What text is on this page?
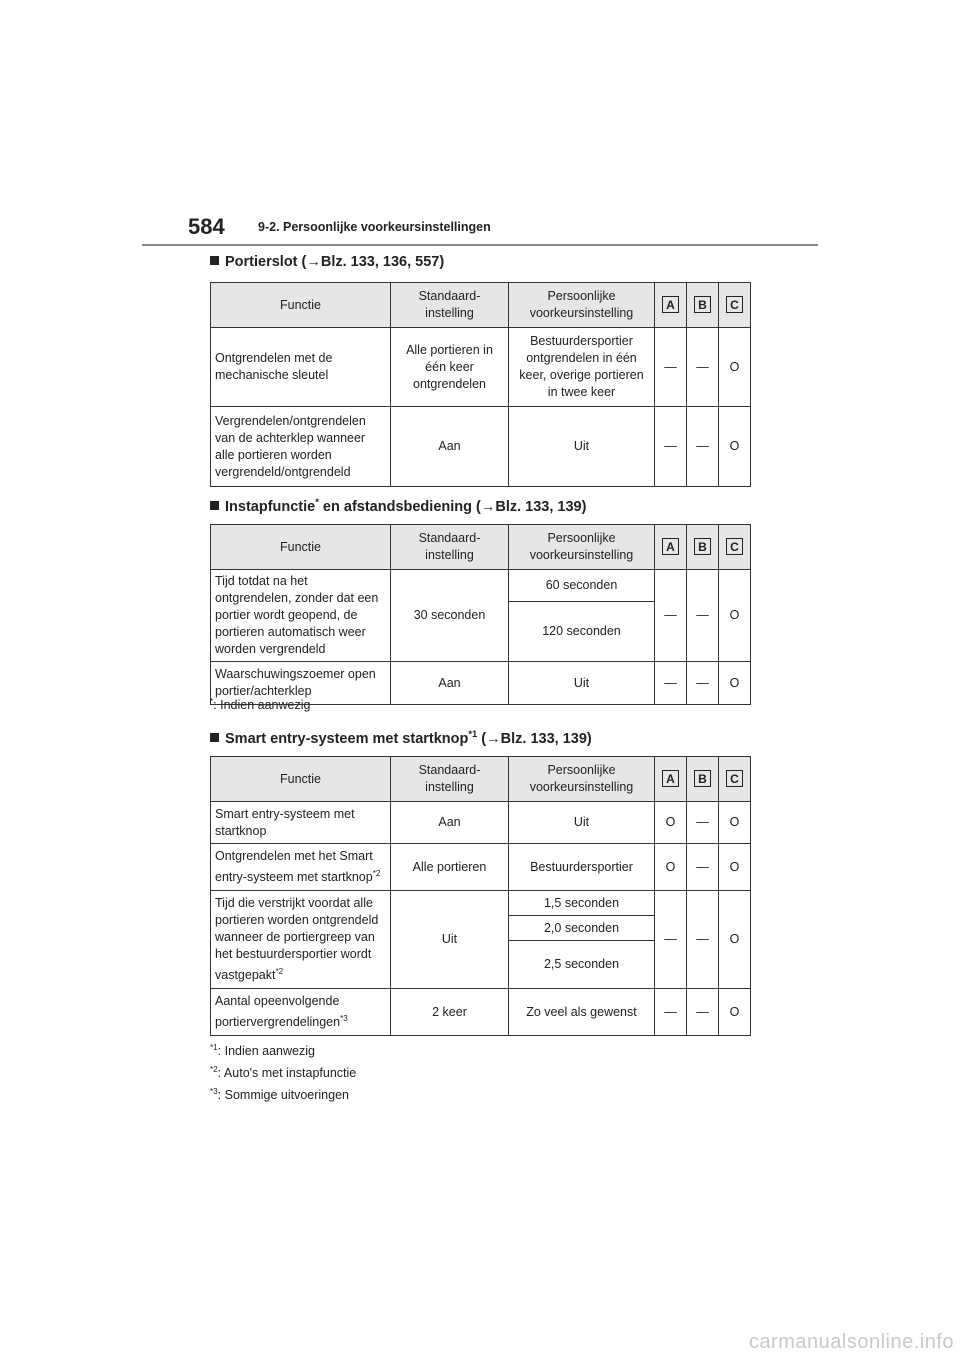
584	9-2. Persoonlijke voorkeursinstellingen
Portierslot (→Blz. 133, 136, 557)
Functie	Standaard-instelling	Persoonlijke voorkeursinstelling	A	B	C
Ontgrendelen met de mechanische sleutel	Alle portieren in één keer ontgrendelen	Bestuurdersportier ontgrendelen in één keer, overige portieren in twee keer	—	—	O
Vergrendelen/ontgrendelen van de achterklep wanneer alle portieren worden vergrendeld/ontgrendeld	Aan	Uit	—	—	O
Instapfunctie* en afstandsbediening (→Blz. 133, 139)
Functie	Standaard-instelling	Persoonlijke voorkeursinstelling	A	B	C
Tijd totdat na het ontgrendelen, zonder dat een portier wordt geopend, de portieren automatisch weer worden vergrendeld	30 seconden	60 seconden	—	—	O
		120 seconden			
Waarschuwingszoemer open portier/achterklep	Aan	Uit	—	—	O
*: Indien aanwezig
Smart entry-systeem met startknop$^{*1}$ (→Blz. 133, 139)
Functie	Standaard-instelling	Persoonlijke voorkeursinstelling	A	B	C
Smart entry-systeem met startknop	Aan	Uit	O	—	O
Ontgrendelen met het Smart entry-systeem met startknop$^{*2}$	Alle portieren	Bestuurdersportier	O	—	O
Tijd die verstrijkt voordat alle portieren worden ontgrendeld wanneer de portiergreep van het bestuurdersportier wordt vastgepakt$^{*2}$	Uit	1,5 seconden	—	—	O
		2,0 seconden			
		2,5 seconden			
Aantal opeenvolgende portiervergrendelingen$^{*3}$	2 keer	Zo veel als gewenst	—	—	O
$^{*1}$: Indien aanwezig
$^{*2}$: Auto's met instapfunctie
$^{*3}$: Sommige uitvoeringen
carmanualsonline.info
